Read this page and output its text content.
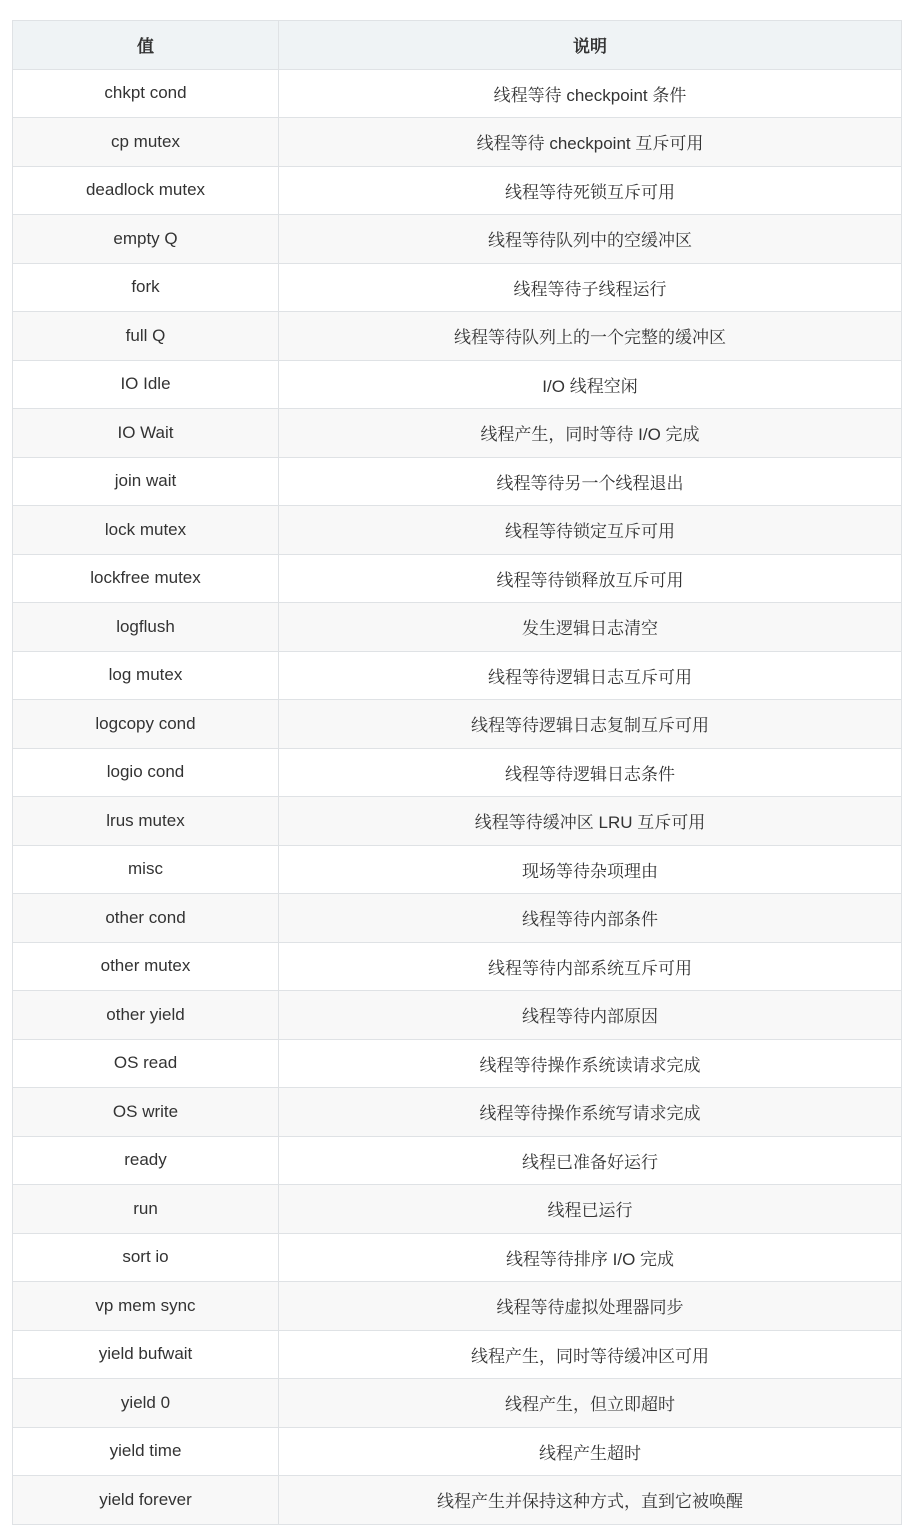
值	说明
chkpt cond	线程等待 checkpoint 条件
cp mutex	线程等待 checkpoint 互斥可用
deadlock mutex	线程等待死锁互斥可用
empty Q	线程等待队列中的空缓冲区
fork	线程等待子线程运行
full Q	线程等待队列上的一个完整的缓冲区
IO Idle	I/O 线程空闲
IO Wait	线程产生，同时等待 I/O 完成
join wait	线程等待另一个线程退出
lock mutex	线程等待锁定互斥可用
lockfree mutex	线程等待锁释放互斥可用
logflush	发生逻辑日志清空
log mutex	线程等待逻辑日志互斥可用
logcopy cond	线程等待逻辑日志复制互斥可用
logio cond	线程等待逻辑日志条件
lrus mutex	线程等待缓冲区 LRU 互斥可用
misc	现场等待杂项理由
other cond	线程等待内部条件
other mutex	线程等待内部系统互斥可用
other yield	线程等待内部原因
OS read	线程等待操作系统读请求完成
OS write	线程等待操作系统写请求完成
ready	线程已准备好运行
run	线程已运行
sort io	线程等待排序 I/O 完成
vp mem sync	线程等待虚拟处理器同步
yield bufwait	线程产生，同时等待缓冲区可用
yield 0	线程产生，但立即超时
yield time	线程产生超时
yield forever	线程产生并保持这种方式，直到它被唤醒
